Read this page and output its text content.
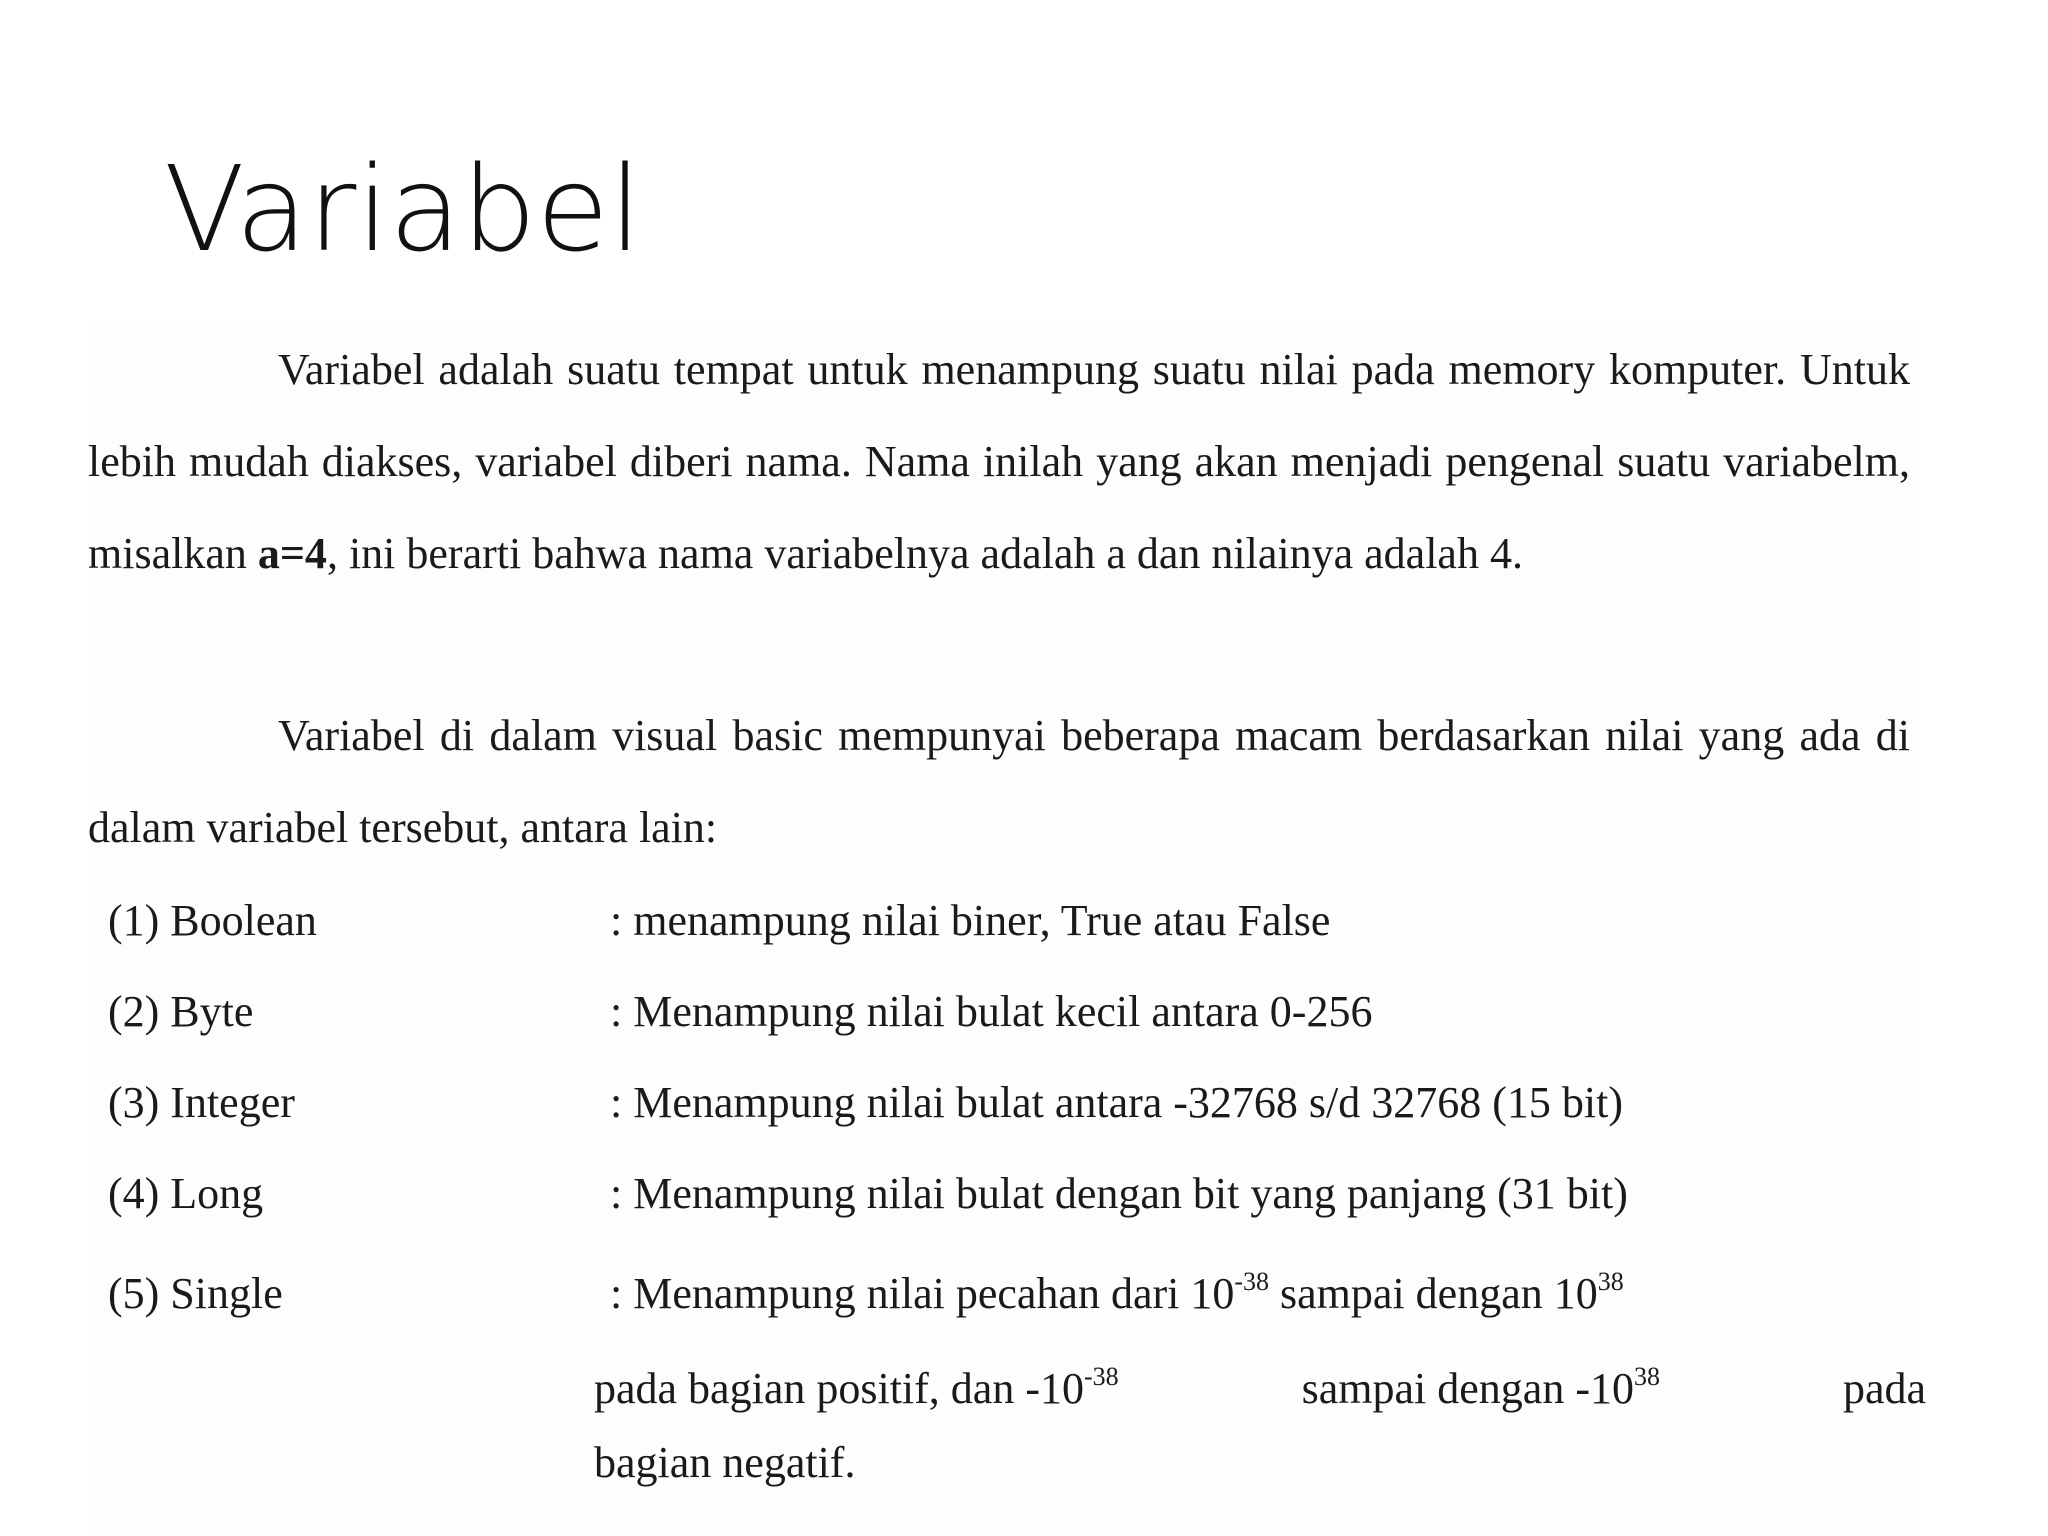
Variabel

Variabel adalah suatu tempat untuk menampung suatu nilai pada memory komputer. Untuk lebih mudah diakses, variabel diberi nama. Nama inilah yang akan menjadi pengenal suatu variabelm, misalkan a=4, ini berarti bahwa nama variabelnya adalah a dan nilainya adalah 4.

Variabel di dalam visual basic mempunyai beberapa macam berdasarkan nilai yang ada di dalam variabel tersebut, antara lain:

(1) Boolean	: menampung nilai biner, True atau False
(2) Byte	: Menampung nilai bulat kecil antara 0-256
(3) Integer	: Menampung nilai bulat antara -32768 s/d 32768 (15 bit)
(4) Long	: Menampung nilai bulat dengan bit yang panjang (31 bit)
(5) Single	: Menampung nilai pecahan dari $10^{-38}$ sampai dengan $10^{38}$
pada bagian positif, dan $-10^{-38}$	sampai dengan $-10^{38}$	pada
bagian negatif.
